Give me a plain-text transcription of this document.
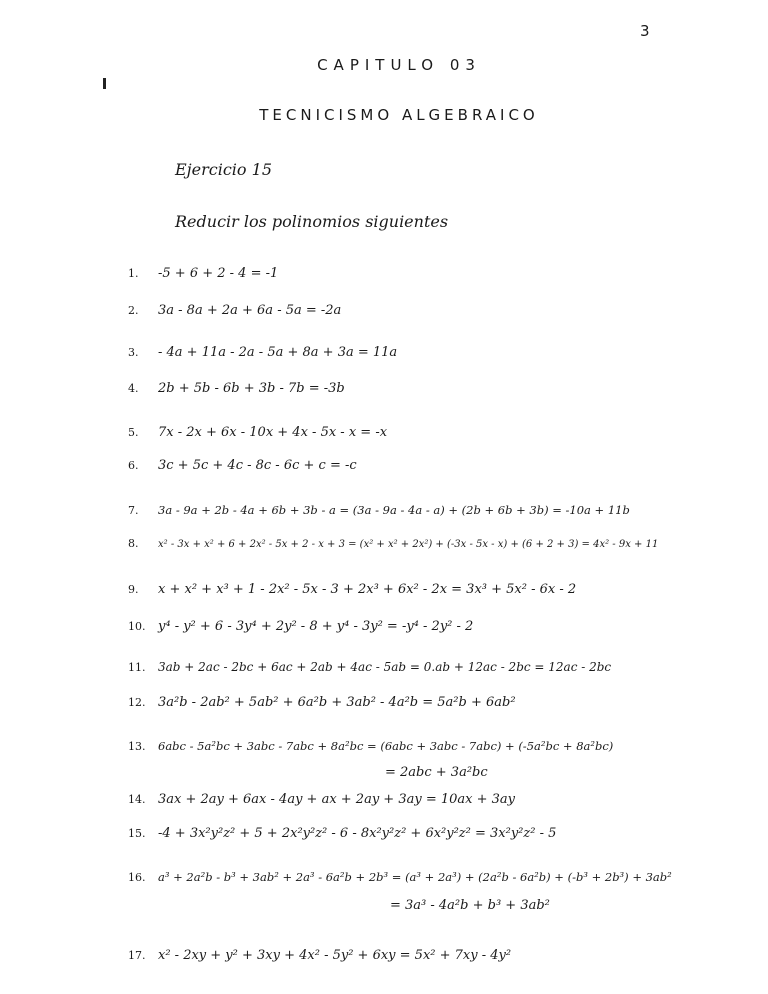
3
CAPITULO 03
TECNICISMO ALGEBRAICO
Ejercicio 15
Reducir los polinomios siguientes
1. -5 + 6 + 2 - 4 = -1
2. 3a - 8a + 2a + 6a - 5a = -2a
3. - 4a + 11a - 2a - 5a + 8a + 3a = 11a
4. 2b + 5b - 6b + 3b - 7b = -3b
5. 7x - 2x + 6x - 10x + 4x - 5x - x = -x
6. 3c + 5c + 4c - 8c - 6c + c = -c
7. 3a - 9a + 2b - 4a + 6b + 3b - a = (3a - 9a - 4a - a) + (2b + 6b + 3b) = -10a + 11b
8. x² - 3x + x² + 6 + 2x² - 5x + 2 - x + 3 = (x² + x² + 2x²) + (-3x - 5x - x) + (6 + 2 + 3) = 4x² - 9x + 11
9. x + x² + x³ + 1 - 2x² - 5x - 3 + 2x³ + 6x² - 2x = 3x³ + 5x² - 6x - 2
10. y⁴ - y² + 6 - 3y⁴ + 2y² - 8 + y⁴ - 3y² = -y⁴ - 2y² - 2
11. 3ab + 2ac - 2bc + 6ac + 2ab + 4ac - 5ab = 0.ab + 12ac - 2bc = 12ac - 2bc
12. 3a²b - 2ab² + 5ab² + 6a²b + 3ab² - 4a²b = 5a²b + 6ab²
13. 6abc - 5a²bc + 3abc - 7abc + 8a²bc = (6abc + 3abc - 7abc) + (-5a²bc + 8a²bc)
= 2abc + 3a²bc
14. 3ax + 2ay + 6ax - 4ay + ax + 2ay + 3ay = 10ax + 3ay
15. -4 + 3x²y²z² + 5 + 2x²y²z² - 6 - 8x²y²z² + 6x²y²z² = 3x²y²z² - 5
16. a³ + 2a²b - b³ + 3ab² + 2a³ - 6a²b + 2b³ = (a³ + 2a³) + (2a²b - 6a²b) + (-b³ + 2b³) + 3ab²
= 3a³ - 4a²b + b³ + 3ab²
17. x² - 2xy + y² + 3xy + 4x² - 5y² + 6xy = 5x² + 7xy - 4y²
